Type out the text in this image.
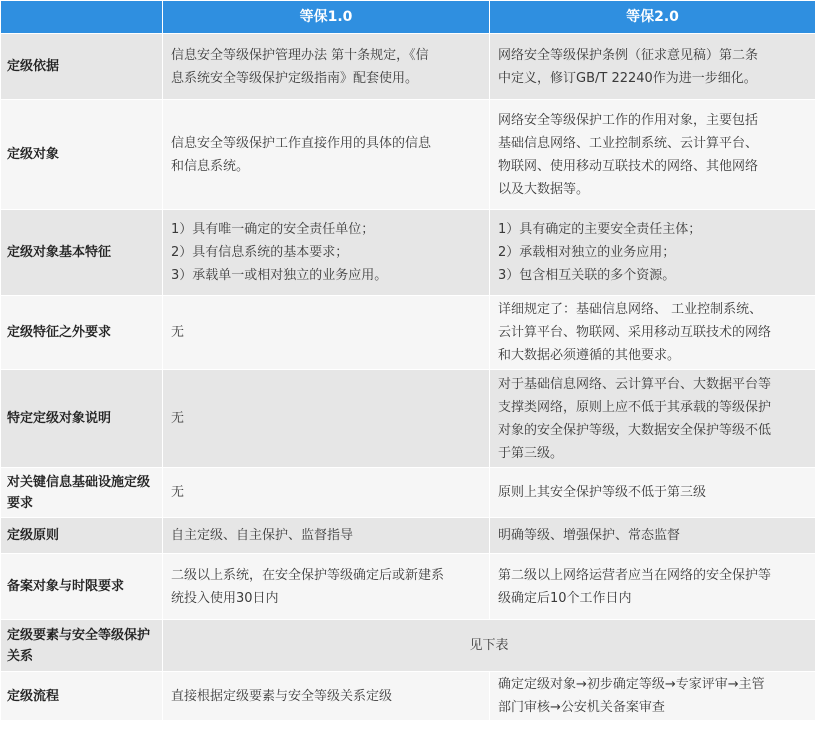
	等保1.0	等保2.0
定级依据	信息安全等级保护管理办法 第十条规定，《信
息系统安全等级保护定级指南》配套使用。	网络安全等级保护条例（征求意见稿）第二条
中定义，修订GB/T 22240作为进一步细化。

定级对象	信息安全等级保护工作直接作用的具体的信息
和信息系统。	网络安全等级保护工作的作用对象，主要包括
基础信息网络、工业控制系统、云计算平台、
物联网、使用移动互联技术的网络、其他网络
以及大数据等。

定级对象基本特征	1）具有唯一确定的安全责任单位；
2）具有信息系统的基本要求；
3）承载单一或相对独立的业务应用。	1）具有确定的主要安全责任主体；
2）承载相对独立的业务应用；
3）包含相互关联的多个资源。

定级特征之外要求	无	详细规定了：基础信息网络、 工业控制系统、
云计算平台、物联网、采用移动互联技术的网络
和大数据必须遵循的其他要求。

特定定级对象说明	无	对于基础信息网络、云计算平台、大数据平台等
支撑类网络，原则上应不低于其承载的等级保护
对象的安全保护等级，大数据安全保护等级不低
于第三级。

对关键信息基础设施定级要求	无	原则上其安全保护等级不低于第三级

定级原则	自主定级、自主保护、监督指导	明确等级、增强保护、常态监督

备案对象与时限要求	二级以上系统，在安全保护等级确定后或新建系
统投入使用30日内	第二级以上网络运营者应当在网络的安全保护等
级确定后10个工作日内

定级要素与安全等级保护关系	见下表	
定级流程	直接根据定级要素与安全等级关系定级	确定定级对象→初步确定等级→专家评审→主管
部门审核→公安机关备案审查
